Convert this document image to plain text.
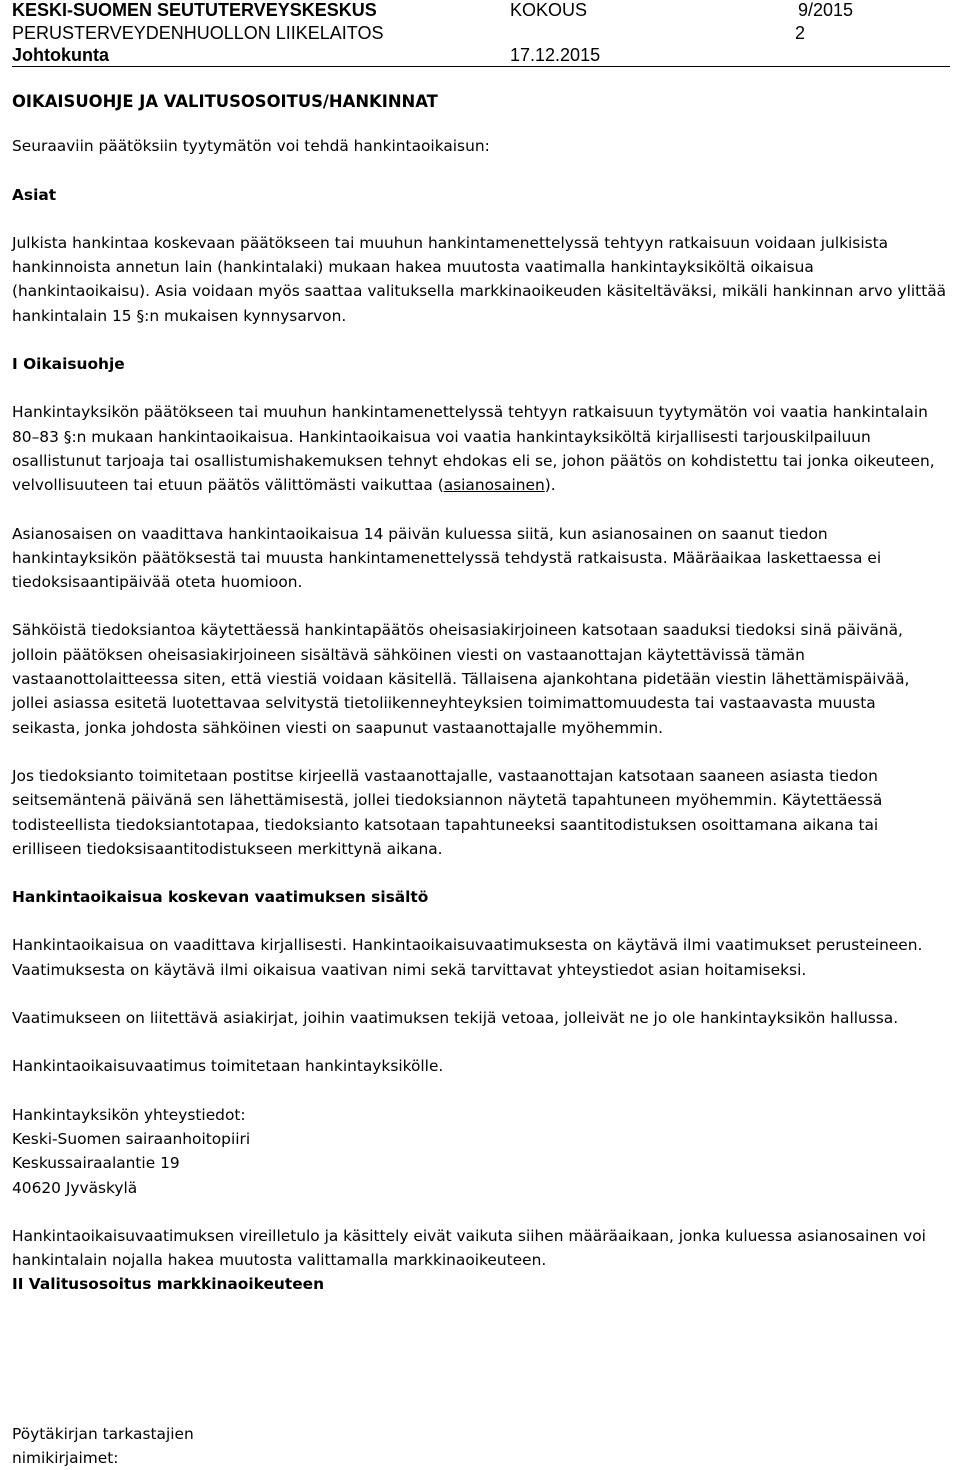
KESKI-SUOMEN SEUTUTERVEYSKESKUS	KOKOUS	9/2015
PERUSTERVEYDENHUOLLON LIIKELAITOS	2
Johtokunta	17.12.2015

OIKAISUOHJE JA VALITUSOSOITUS/HANKINNAT

Seuraaviin päätöksiin tyytymätön voi tehdä hankintaoikaisun:

Asiat

Julkista hankintaa koskevaan päätökseen tai muuhun hankintamenettelyssä tehtyyn ratkaisuun voidaan julkisista hankinnoista annetun lain (hankintalaki) mukaan hakea muutosta vaatimalla hankintayksiköltä oikaisua (hankintaoikaisu). Asia voidaan myös saattaa valituksella markkinaoikeuden käsiteltäväksi, mikäli hankinnan arvo ylittää hankintalain 15 §:n mukaisen kynnysarvon.

I Oikaisuohje

Hankintayksikön päätökseen tai muuhun hankintamenettelyssä tehtyyn ratkaisuun tyytymätön voi vaatia hankintalain 80–83 §:n mukaan hankintaoikaisua. Hankintaoikaisua voi vaatia hankintayksiköltä kirjallisesti tarjouskilpailuun osallistunut tarjoaja tai osallistumishakemuksen tehnyt ehdokas eli se, johon päätös on kohdistettu tai jonka oikeuteen, velvollisuuteen tai etuun päätös välittömästi vaikuttaa (asianosainen).

Asianosaisen on vaadittava hankintaoikaisua 14 päivän kuluessa siitä, kun asianosainen on saanut tiedon hankintayksikön päätöksestä tai muusta hankintamenettelyssä tehdystä ratkaisusta. Määräaikaa laskettaessa ei tiedoksisaantipäivää oteta huomioon.

Sähköistä tiedoksiantoa käytettäessä hankintapäätös oheisasiakirjoineen katsotaan saaduksi tiedoksi sinä päivänä, jolloin päätöksen oheisasiakirjoineen sisältävä sähköinen viesti on vastaanottajan käytettävissä tämän vastaanottolaitteessa siten, että viestiä voidaan käsitellä. Tällaisena ajankohtana pidetään viestin lähettämispäivää, jollei asiassa esitetä luotettavaa selvitystä tietoliikenneyhteyksien toimimattomuudesta tai vastaavasta muusta seikasta, jonka johdosta sähköinen viesti on saapunut vastaanottajalle myöhemmin.

Jos tiedoksianto toimitetaan postitse kirjeellä vastaanottajalle, vastaanottajan katsotaan saaneen asiasta tiedon seitsemäntenä päivänä sen lähettämisestä, jollei tiedoksiannon näytetä tapahtuneen myöhemmin. Käytettäessä todisteellista tiedoksiantotapaa, tiedoksianto katsotaan tapahtuneeksi saantitodistuksen osoittamana aikana tai erilliseen tiedoksisaantitodistukseen merkittynä aikana.

Hankintaoikaisua koskevan vaatimuksen sisältö

Hankintaoikaisua on vaadittava kirjallisesti. Hankintaoikaisuvaatimuksesta on käytävä ilmi vaatimukset perusteineen. Vaatimuksesta on käytävä ilmi oikaisua vaativan nimi sekä tarvittavat yhteystiedot asian hoitamiseksi.

Vaatimukseen on liitettävä asiakirjat, joihin vaatimuksen tekijä vetoaa, jolleivät ne jo ole hankintayksikön hallussa.

Hankintaoikaisuvaatimus toimitetaan hankintayksikölle.

Hankintayksikön yhteystiedot:

Keski-Suomen sairaanhoitopiiri

Keskussairaalantie 19

40620 Jyväskylä

Hankintaoikaisuvaatimuksen vireilletulo ja käsittely eivät vaikuta siihen määräaikaan, jonka kuluessa asianosainen voi hankintalain nojalla hakea muutosta valittamalla markkinaoikeuteen.

II Valitusosoitus markkinaoikeuteen

Pöytäkirjan tarkastajien
nimikirjaimet:
